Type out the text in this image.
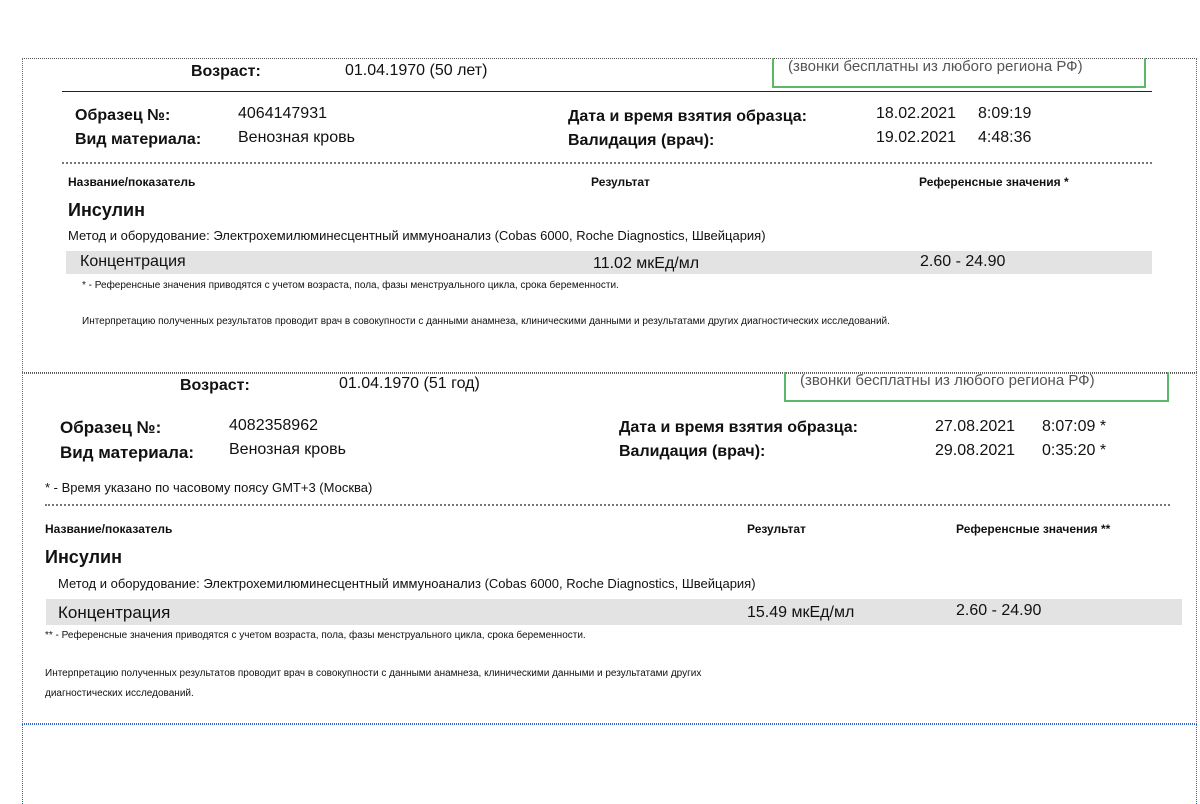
Возраст:	01.04.1970 (50 лет)	(звонки бесплатны из любого региона РФ)
Образец №:	4064147931
Вид материала: Венозная кровь
Дата и время взятия образца:	18.02.2021 8:09:19
Валидация (врач):	19.02.2021 4:48:36
Название/показатель	Результат	Референсные значения *
Инсулин
Метод и оборудование: Электрохемилюминесцентный иммуноанализ (Cobas 6000, Roche Diagnostics, Швейцария)
Концентрация	11.02 мкЕд/мл	2.60 - 24.90
* - Референсные значения приводятся с учетом возраста, пола, фазы менструального цикла, срока беременности.
Интерпретацию полученных результатов проводит врач в совокупности с данными анамнеза, клиническими данными и результатами других диагностических исследований.
Возраст:	01.04.1970 (51 год)	(звонки бесплатны из любого региона РФ)
Образец №:	4082358962
Вид материала: Венозная кровь
Дата и время взятия образца:	27.08.2021 8:07:09 *
Валидация (врач):	29.08.2021 0:35:20 *
* - Время указано по часовому поясу GMT+3 (Москва)
Название/показатель	Результат	Референсные значения **
Инсулин
Метод и оборудование: Электрохемилюминесцентный иммуноанализ (Cobas 6000, Roche Diagnostics, Швейцария)
Концентрация	15.49 мкЕд/мл	2.60 - 24.90
** - Референсные значения приводятся с учетом возраста, пола, фазы менструального цикла, срока беременности.
Интерпретацию полученных результатов проводит врач в совокупности с данными анамнеза, клиническими данными и результатами других
диагностических исследований.
